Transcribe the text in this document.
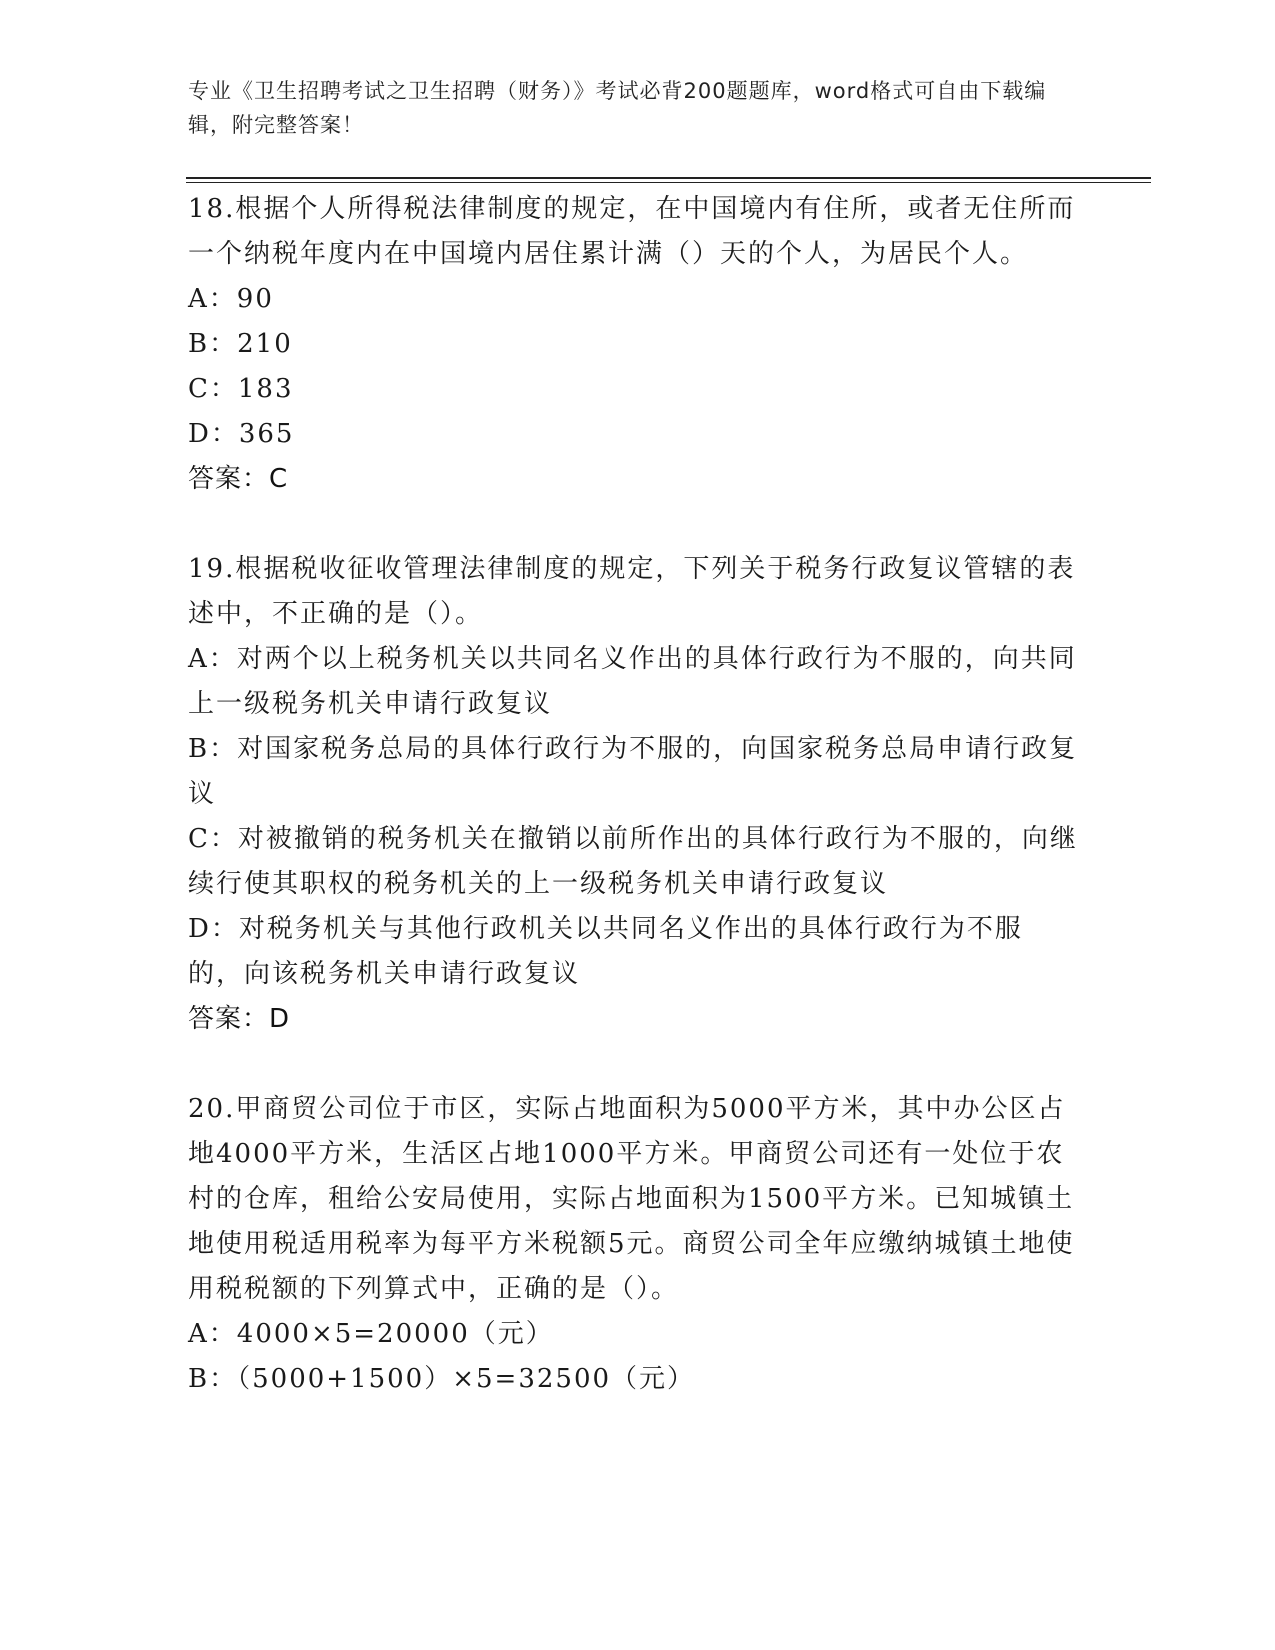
专业《卫生招聘考试之卫生招聘（财务）》考试必背200题题库，word格式可自由下载编辑，附完整答案！

18.根据个人所得税法律制度的规定，在中国境内有住所，或者无住所而一个纳税年度内在中国境内居住累计满（）天的个人，为居民个人。

A：90

B：210

C：183

D：365

答案：C

19.根据税收征收管理法律制度的规定，下列关于税务行政复议管辖的表述中，不正确的是（）。

A：对两个以上税务机关以共同名义作出的具体行政行为不服的，向共同上一级税务机关申请行政复议

B：对国家税务总局的具体行政行为不服的，向国家税务总局申请行政复议

C：对被撤销的税务机关在撤销以前所作出的具体行政行为不服的，向继续行使其职权的税务机关的上一级税务机关申请行政复议

D：对税务机关与其他行政机关以共同名义作出的具体行政行为不服的，向该税务机关申请行政复议

答案：D

20.甲商贸公司位于市区，实际占地面积为5000平方米，其中办公区占地4000平方米，生活区占地1000平方米。甲商贸公司还有一处位于农村的仓库，租给公安局使用，实际占地面积为1500平方米。已知城镇土地使用税适用税率为每平方米税额5元。商贸公司全年应缴纳城镇土地使用税税额的下列算式中，正确的是（）。

A：4000×5=20000（元）

B：（5000+1500）×5=32500（元）
